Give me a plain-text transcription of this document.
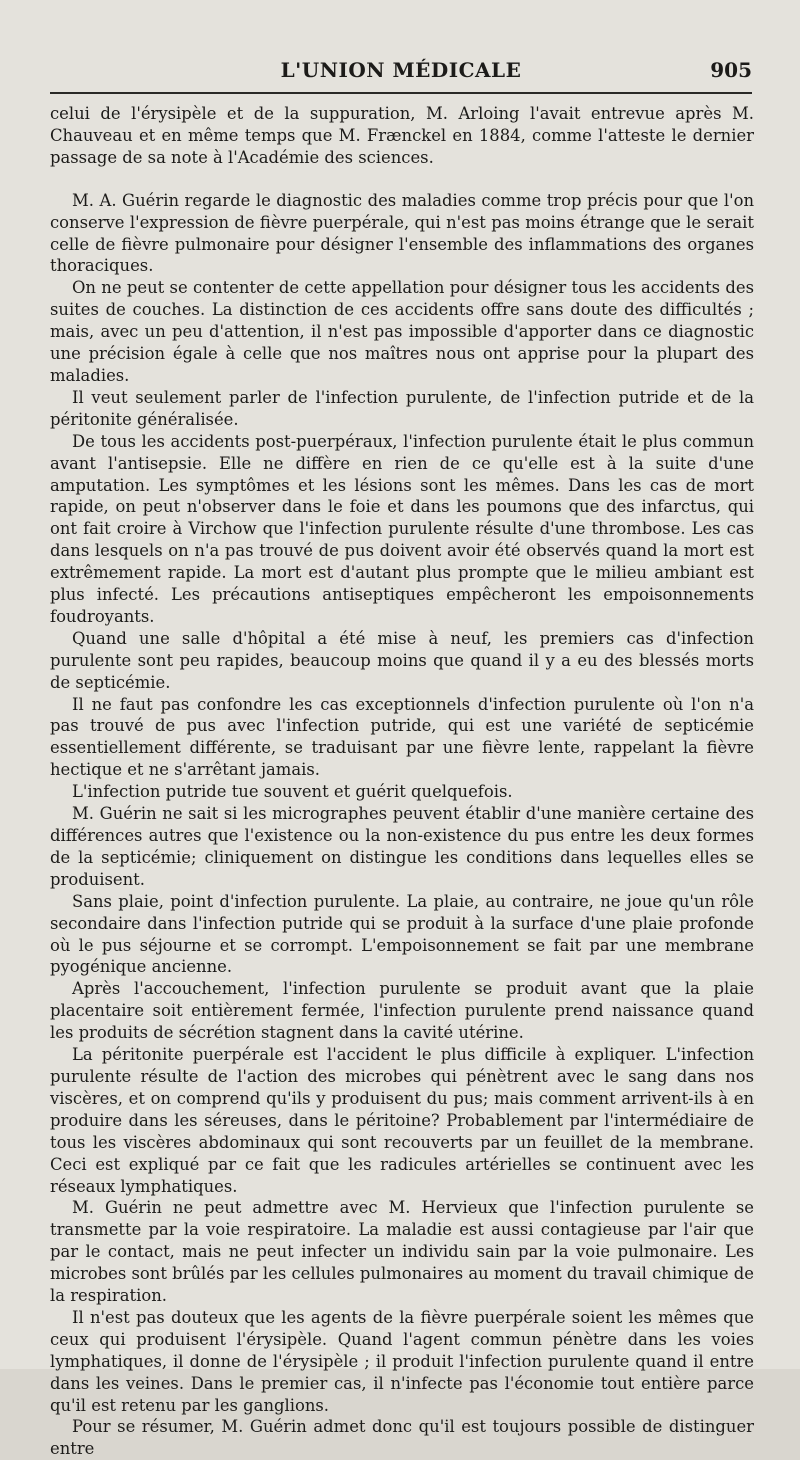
L'UNION MÉDICALE	905

celui de l'érysipèle et de la suppuration, M. Arloing l'avait entrevue après M. Chauveau et en même temps que M. Frænckel en 1884, comme l'atteste le dernier passage de sa note à l'Académie des sciences.

M. A. Guérin regarde le diagnostic des maladies comme trop précis pour que l'on conserve l'expression de fièvre puerpérale, qui n'est pas moins étrange que le serait celle de fièvre pulmonaire pour désigner l'ensemble des inflammations des organes thoraciques.

On ne peut se contenter de cette appellation pour désigner tous les accidents des suites de couches. La distinction de ces accidents offre sans doute des difficultés ; mais, avec un peu d'attention, il n'est pas impossible d'apporter dans ce diagnostic une précision égale à celle que nos maîtres nous ont apprise pour la plupart des maladies.

Il veut seulement parler de l'infection purulente, de l'infection putride et de la péritonite généralisée.

De tous les accidents post-puerpéraux, l'infection purulente était le plus commun avant l'antisepsie. Elle ne diffère en rien de ce qu'elle est à la suite d'une amputation. Les symptômes et les lésions sont les mêmes. Dans les cas de mort rapide, on peut n'observer dans le foie et dans les poumons que des infarctus, qui ont fait croire à Virchow que l'infection purulente résulte d'une thrombose. Les cas dans lesquels on n'a pas trouvé de pus doivent avoir été observés quand la mort est extrêmement rapide. La mort est d'autant plus prompte que le milieu ambiant est plus infecté. Les précautions antiseptiques empêcheront les empoisonnements foudroyants.

Quand une salle d'hôpital a été mise à neuf, les premiers cas d'infection purulente sont peu rapides, beaucoup moins que quand il y a eu des blessés morts de septicémie.

Il ne faut pas confondre les cas exceptionnels d'infection purulente où l'on n'a pas trouvé de pus avec l'infection putride, qui est une variété de septicémie essentiellement différente, se traduisant par une fièvre lente, rappelant la fièvre hectique et ne s'arrêtant jamais.

L'infection putride tue souvent et guérit quelquefois.

M. Guérin ne sait si les micrographes peuvent établir d'une manière certaine des différences autres que l'existence ou la non-existence du pus entre les deux formes de la septicémie; cliniquement on distingue les conditions dans lequelles elles se produisent.

Sans plaie, point d'infection purulente. La plaie, au contraire, ne joue qu'un rôle secondaire dans l'infection putride qui se produit à la surface d'une plaie profonde où le pus séjourne et se corrompt. L'empoisonnement se fait par une membrane pyogénique ancienne.

Après l'accouchement, l'infection purulente se produit avant que la plaie placentaire soit entièrement fermée, l'infection purulente prend naissance quand les produits de sécrétion stagnent dans la cavité utérine.

La péritonite puerpérale est l'accident le plus difficile à expliquer. L'infection purulente résulte de l'action des microbes qui pénètrent avec le sang dans nos viscères, et on comprend qu'ils y produisent du pus; mais comment arrivent-ils à en produire dans les séreuses, dans le péritoine? Probablement par l'intermédiaire de tous les viscères abdominaux qui sont recouverts par un feuillet de la membrane. Ceci est expliqué par ce fait que les radicules artérielles se continuent avec les réseaux lymphatiques.

M. Guérin ne peut admettre avec M. Hervieux que l'infection purulente se transmette par la voie respiratoire. La maladie est aussi contagieuse par l'air que par le contact, mais ne peut infecter un individu sain par la voie pulmonaire. Les microbes sont brûlés par les cellules pulmonaires au moment du travail chimique de la respiration.

Il n'est pas douteux que les agents de la fièvre puerpérale soient les mêmes que ceux qui produisent l'érysipèle. Quand l'agent commun pénètre dans les voies lymphatiques, il donne de l'érysipèle ; il produit l'infection purulente quand il entre dans les veines. Dans le premier cas, il n'infecte pas l'économie tout entière parce qu'il est retenu par les ganglions.

Pour se résumer, M. Guérin admet donc qu'il est toujours possible de distinguer entre
